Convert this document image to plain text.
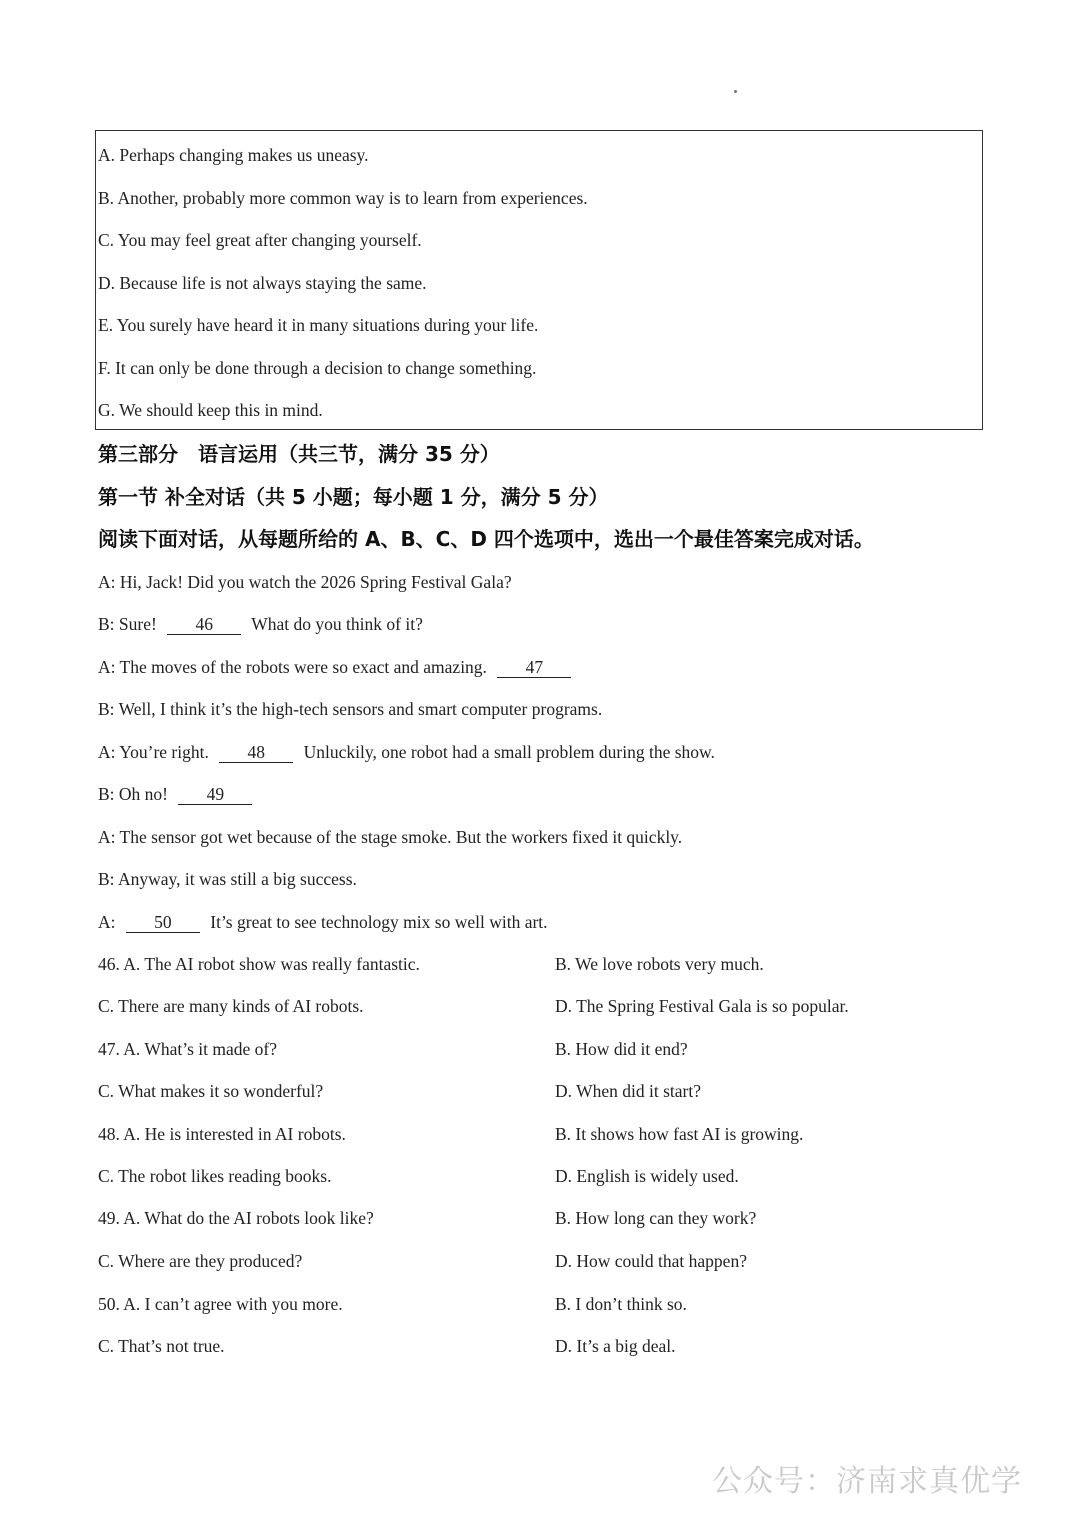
A. Perhaps changing makes us uneasy.
B. Another, probably more common way is to learn from experiences.
C. You may feel great after changing yourself.
D. Because life is not always staying the same.
E. You surely have heard it in many situations during your life.
F. It can only be done through a decision to change something.
G. We should keep this in mind.
第三部分　语言运用（共三节，满分 35 分）
第一节 补全对话（共 5 小题；每小题 1 分，满分 5 分）
阅读下面对话，从每题所给的 A、B、C、D 四个选项中，选出一个最佳答案完成对话。
A: Hi, Jack! Did you watch the 2026 Spring Festival Gala?
B: Sure! 46 What do you think of it?
A: The moves of the robots were so exact and amazing. 47
B: Well, I think it’s the high-tech sensors and smart computer programs.
A: You’re right. 48 Unluckily, one robot had a small problem during the show.
B: Oh no! 49
A: The sensor got wet because of the stage smoke. But the workers fixed it quickly.
B: Anyway, it was still a big success.
A: 50 It’s great to see technology mix so well with art.
46. A. The AI robot show was really fantastic.	B. We love robots very much.
C. There are many kinds of AI robots.	D. The Spring Festival Gala is so popular.
47. A. What’s it made of?	B. How did it end?
C. What makes it so wonderful?	D. When did it start?
48. A. He is interested in AI robots.	B. It shows how fast AI is growing.
C. The robot likes reading books.	D. English is widely used.
49. A. What do the AI robots look like?	B. How long can they work?
C. Where are they produced?	D. How could that happen?
50. A. I can’t agree with you more.	B. I don’t think so.
C. That’s not true.	D. It’s a big deal.
公众号：济南求真优学
